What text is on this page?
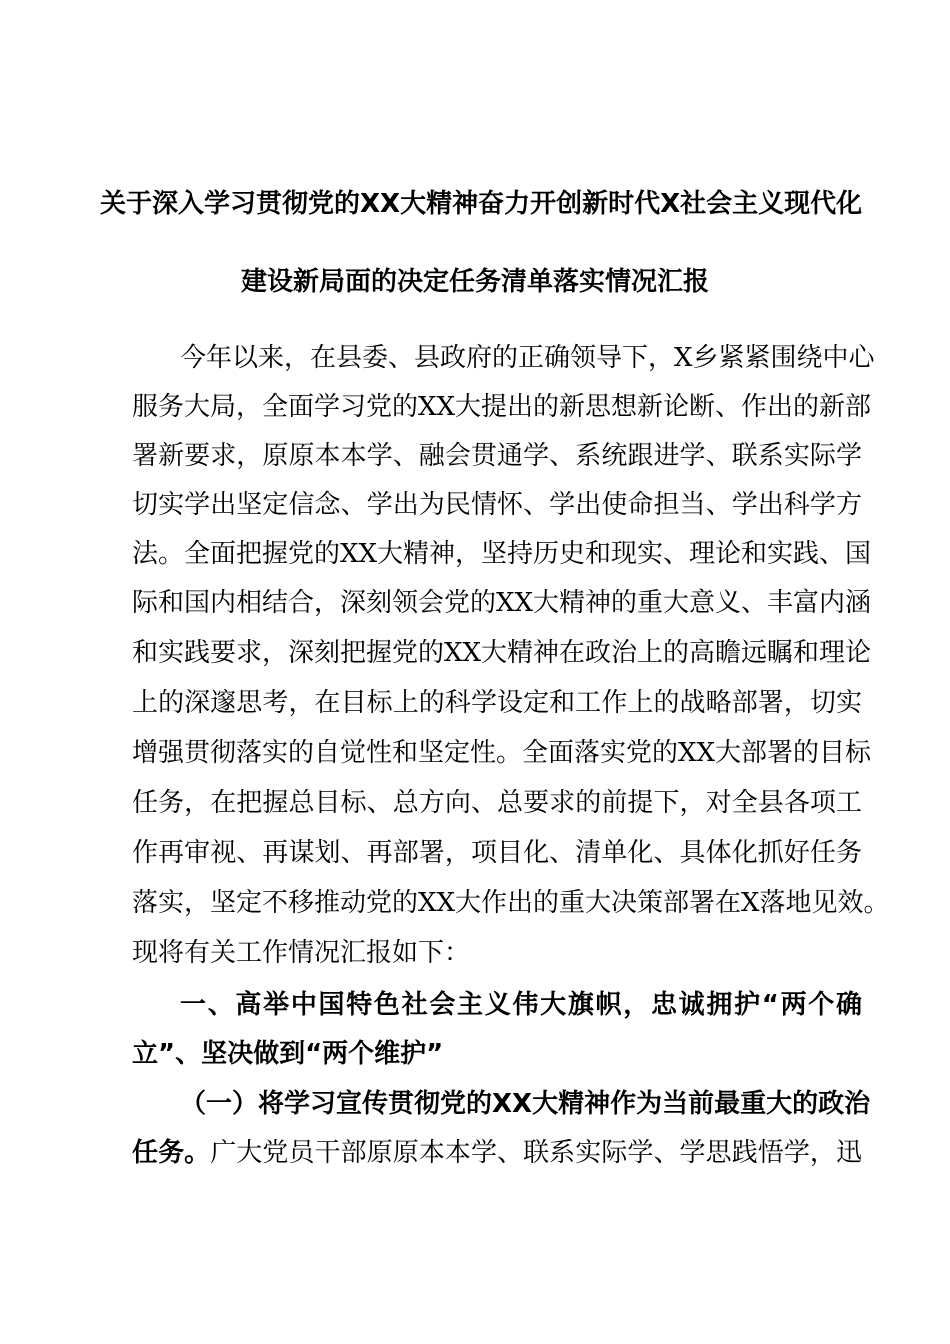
关于深入学习贯彻党的XX大精神奋力开创新时代X社会主义现代化
建设新局面的决定任务清单落实情况汇报
今年以来，在县委、县政府的正确领导下，X乡紧紧围绕中心
服务大局，全面学习党的XX大提出的新思想新论断、作出的新部
署新要求，原原本本学、融会贯通学、系统跟进学、联系实际学
切实学出坚定信念、学出为民情怀、学出使命担当、学出科学方
法。全面把握党的XX大精神，坚持历史和现实、理论和实践、国
际和国内相结合，深刻领会党的XX大精神的重大意义、丰富内涵
和实践要求，深刻把握党的XX大精神在政治上的高瞻远瞩和理论
上的深邃思考，在目标上的科学设定和工作上的战略部署，切实
增强贯彻落实的自觉性和坚定性。全面落实党的XX大部署的目标
任务，在把握总目标、总方向、总要求的前提下，对全县各项工
作再审视、再谋划、再部署，项目化、清单化、具体化抓好任务
落实，坚定不移推动党的XX大作出的重大决策部署在X落地见效。
现将有关工作情况汇报如下：
一、高举中国特色社会主义伟大旗帜，忠诚拥护“两个确
立”、坚决做到“两个维护”
（一）将学习宣传贯彻党的XX大精神作为当前最重大的政治
任务。广大党员干部原原本本学、联系实际学、学思践悟学，迅
